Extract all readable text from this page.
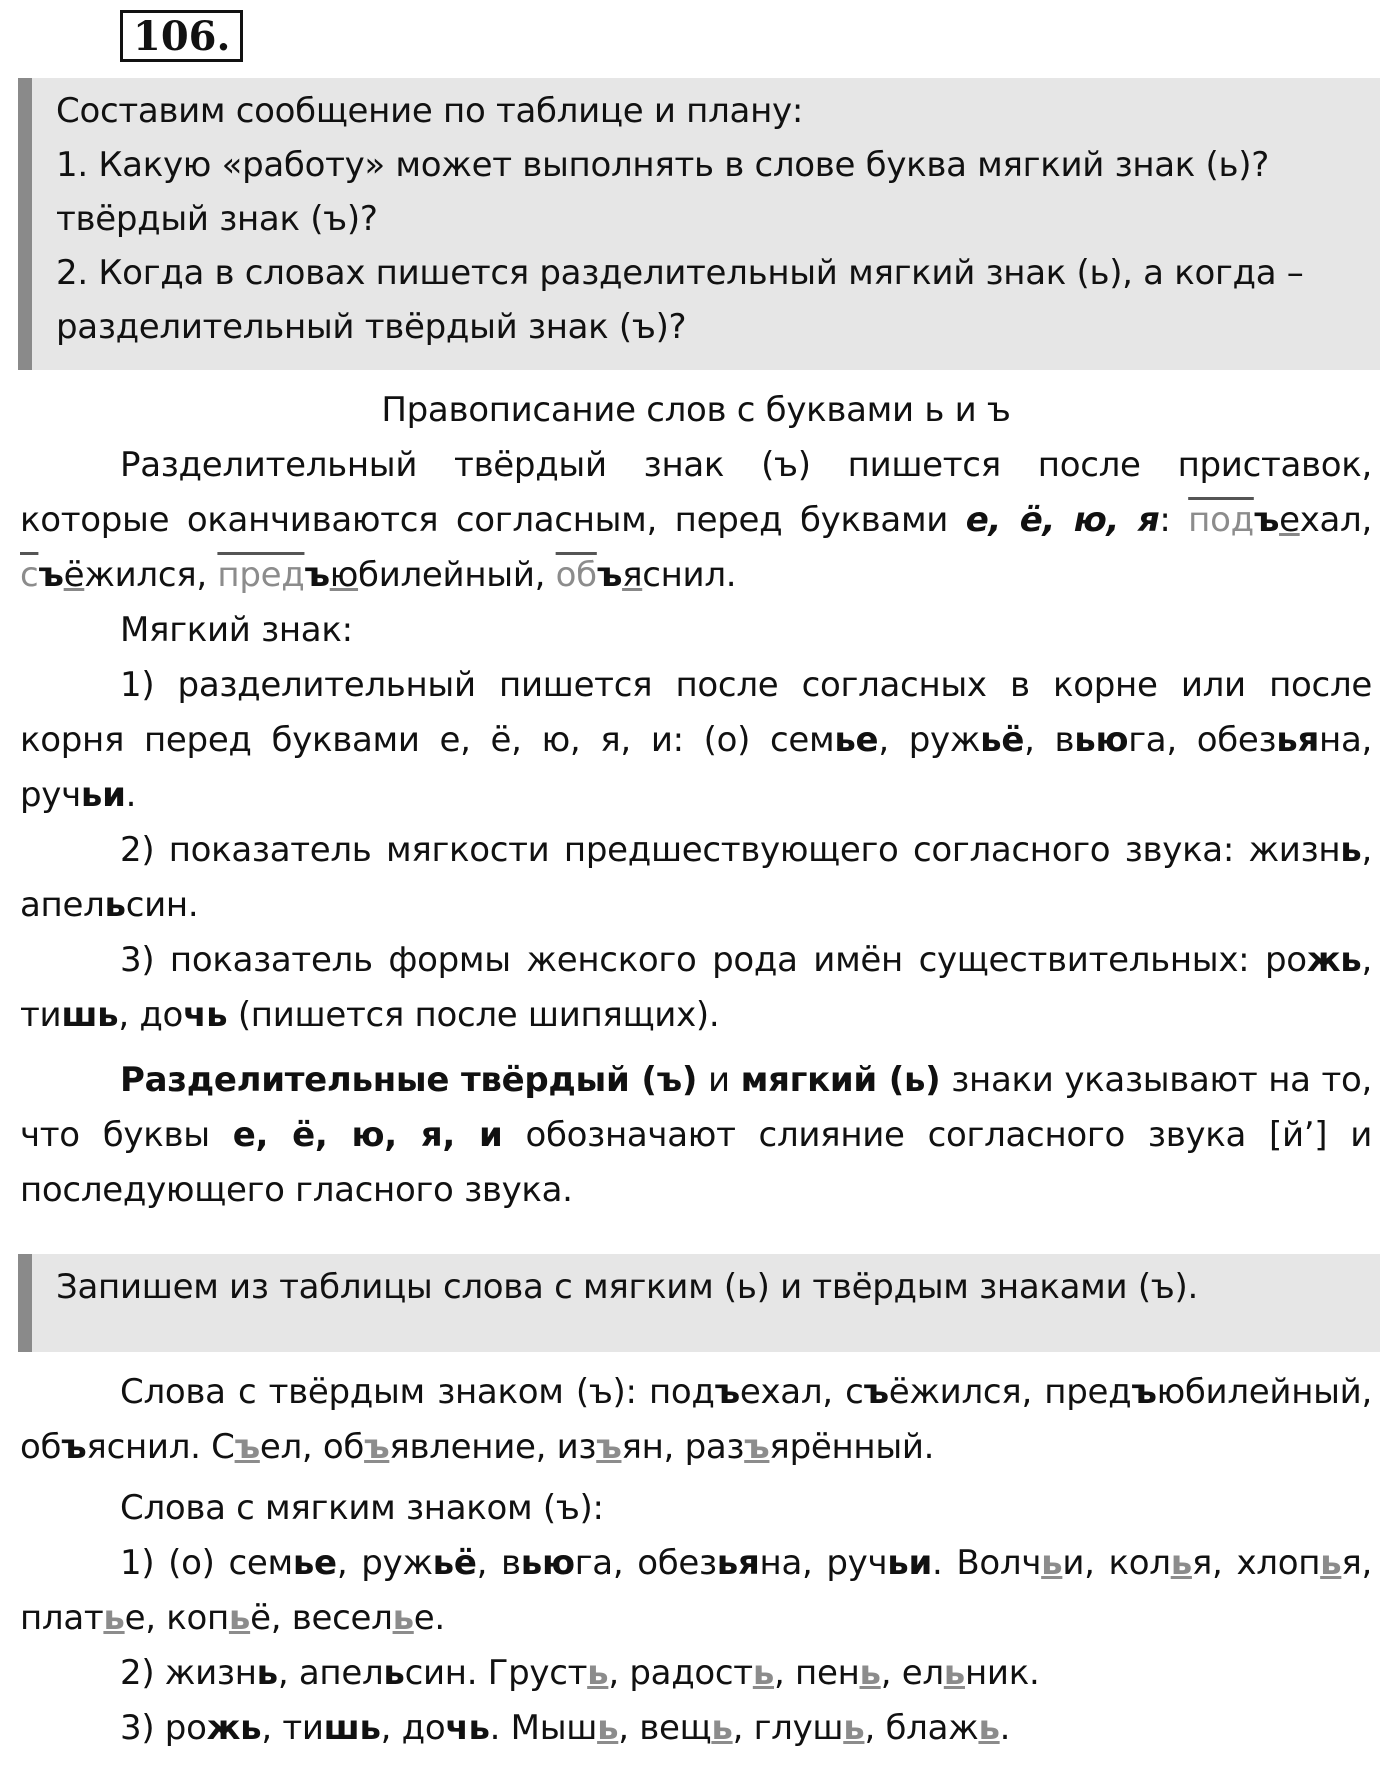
106.

Составим сообщение по таблице и плану:

1. Какую «работу» может выполнять в слове буква мягкий знак (ь)? твёрдый знак (ъ)?

2. Когда в словах пишется разделительный мягкий знак (ь), а когда – разделительный твёрдый знак (ъ)?

Правописание слов с буквами ь и ъ

Разделительный твёрдый знак (ъ) пишется после приставок, которые оканчиваются согласным, перед буквами е, ё, ю, я: подъехал, съёжился, предъюбилейный, объяснил.

Мягкий знак:

1) разделительный пишется после согласных в корне или после корня перед буквами е, ё, ю, я, и: (о) семье, ружьё, вьюга, обезьяна, ручьи.

2) показатель мягкости предшествующего согласного звука: жизнь, апельсин.

3) показатель формы женского рода имён существительных: рожь, тишь, дочь (пишется после шипящих).

Разделительные твёрдый (ъ) и мягкий (ь) знаки указывают на то, что буквы е, ё, ю, я, и обозначают слияние согласного звука [й’] и последующего гласного звука.

Запишем из таблицы слова с мягким (ь) и твёрдым знаками (ъ).

Слова с твёрдым знаком (ъ): подъехал, съёжился, предъюбилейный, объяснил. Съел, объявление, изъян, разъярённый.

Слова с мягким знаком (ъ):

1) (о) семье, ружьё, вьюга, обезьяна, ручьи. Волчьи, колья, хлопья, платье, копьё, веселье.

2) жизнь, апельсин. Грусть, радость, пень, ельник.

3) рожь, тишь, дочь. Мышь, вещь, глушь, блажь.
